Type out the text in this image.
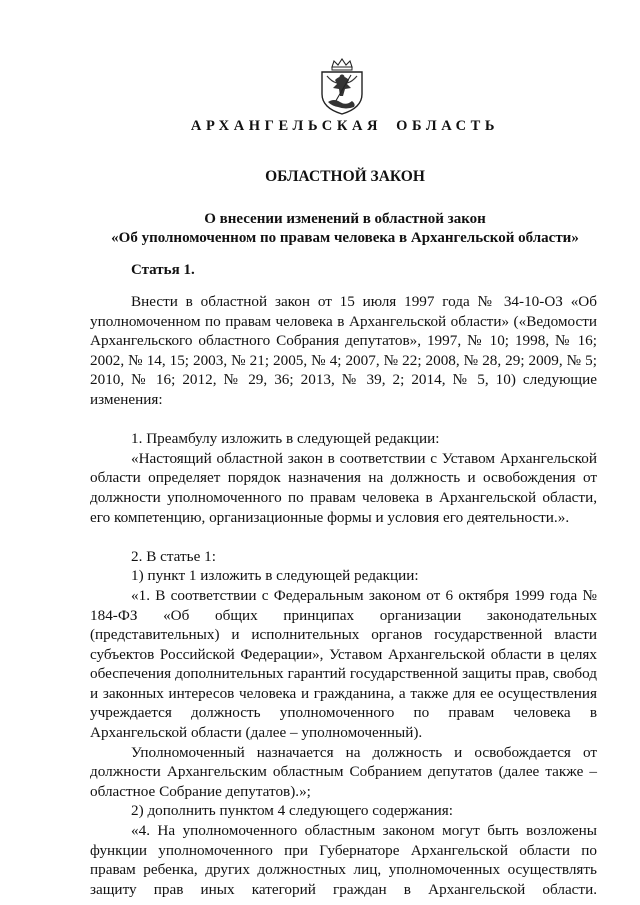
АРХАНГЕЛЬСКАЯ ОБЛАСТЬ
ОБЛАСТНОЙ ЗАКОН
О внесении изменений в областной закон
«Об уполномоченном по правам человека в Архангельской области»
Статья 1.

Внести в областной закон от 15 июля 1997 года № 34-10-ОЗ «Об уполномоченном по правам человека в Архангельской области» («Ведомости Архангельского областного Собрания депутатов», 1997, № 10; 1998, № 16; 2002, № 14, 15; 2003, № 21; 2005, № 4; 2007, № 22; 2008, № 28, 29; 2009, № 5; 2010, № 16; 2012, № 29, 36; 2013, № 39, 2; 2014, № 5, 10) следующие изменения:

1. Преамбулу изложить в следующей редакции:

«Настоящий областной закон в соответствии с Уставом Архангельской области определяет порядок назначения на должность и освобождения от должности уполномоченного по правам человека в Архангельской области, его компетенцию, организационные формы и условия его деятельности.».

2. В статье 1:

1) пункт 1 изложить в следующей редакции:

«1. В соответствии с Федеральным законом от 6 октября 1999 года № 184-ФЗ «Об общих принципах организации законодательных (представительных) и исполнительных органов государственной власти субъектов Российской Федерации», Уставом Архангельской области в целях обеспечения дополнительных гарантий государственной защиты прав, свобод и законных интересов человека и гражданина, а также для ее осуществления учреждается должность уполномоченного по правам человека в Архангельской области (далее – уполномоченный).

Уполномоченный назначается на должность и освобождается от должности Архангельским областным Собранием депутатов (далее также – областное Собрание депутатов).»;

2) дополнить пунктом 4 следующего содержания:

«4. На уполномоченного областным законом могут быть возложены функции уполномоченного при Губернаторе Архангельской области по правам ребенка, других должностных лиц, уполномоченных осуществлять защиту прав иных категорий граждан в Архангельской области.
